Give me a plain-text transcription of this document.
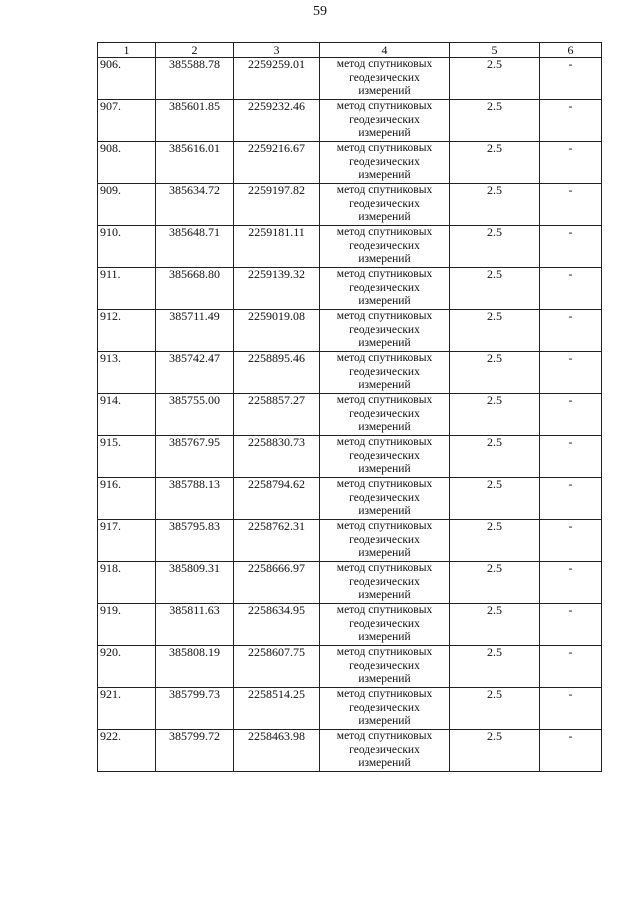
59
1	2	3	4	5	6
906.	385588.78	2259259.01	метод спутниковых геодезических измерений	2.5	-
907.	385601.85	2259232.46	метод спутниковых геодезических измерений	2.5	-
908.	385616.01	2259216.67	метод спутниковых геодезических измерений	2.5	-
909.	385634.72	2259197.82	метод спутниковых геодезических измерений	2.5	-
910.	385648.71	2259181.11	метод спутниковых геодезических измерений	2.5	-
911.	385668.80	2259139.32	метод спутниковых геодезических измерений	2.5	-
912.	385711.49	2259019.08	метод спутниковых геодезических измерений	2.5	-
913.	385742.47	2258895.46	метод спутниковых геодезических измерений	2.5	-
914.	385755.00	2258857.27	метод спутниковых геодезических измерений	2.5	-
915.	385767.95	2258830.73	метод спутниковых геодезических измерений	2.5	-
916.	385788.13	2258794.62	метод спутниковых геодезических измерений	2.5	-
917.	385795.83	2258762.31	метод спутниковых геодезических измерений	2.5	-
918.	385809.31	2258666.97	метод спутниковых геодезических измерений	2.5	-
919.	385811.63	2258634.95	метод спутниковых геодезических измерений	2.5	-
920.	385808.19	2258607.75	метод спутниковых геодезических измерений	2.5	-
921.	385799.73	2258514.25	метод спутниковых геодезических измерений	2.5	-
922.	385799.72	2258463.98	метод спутниковых геодезических измерений	2.5	-
